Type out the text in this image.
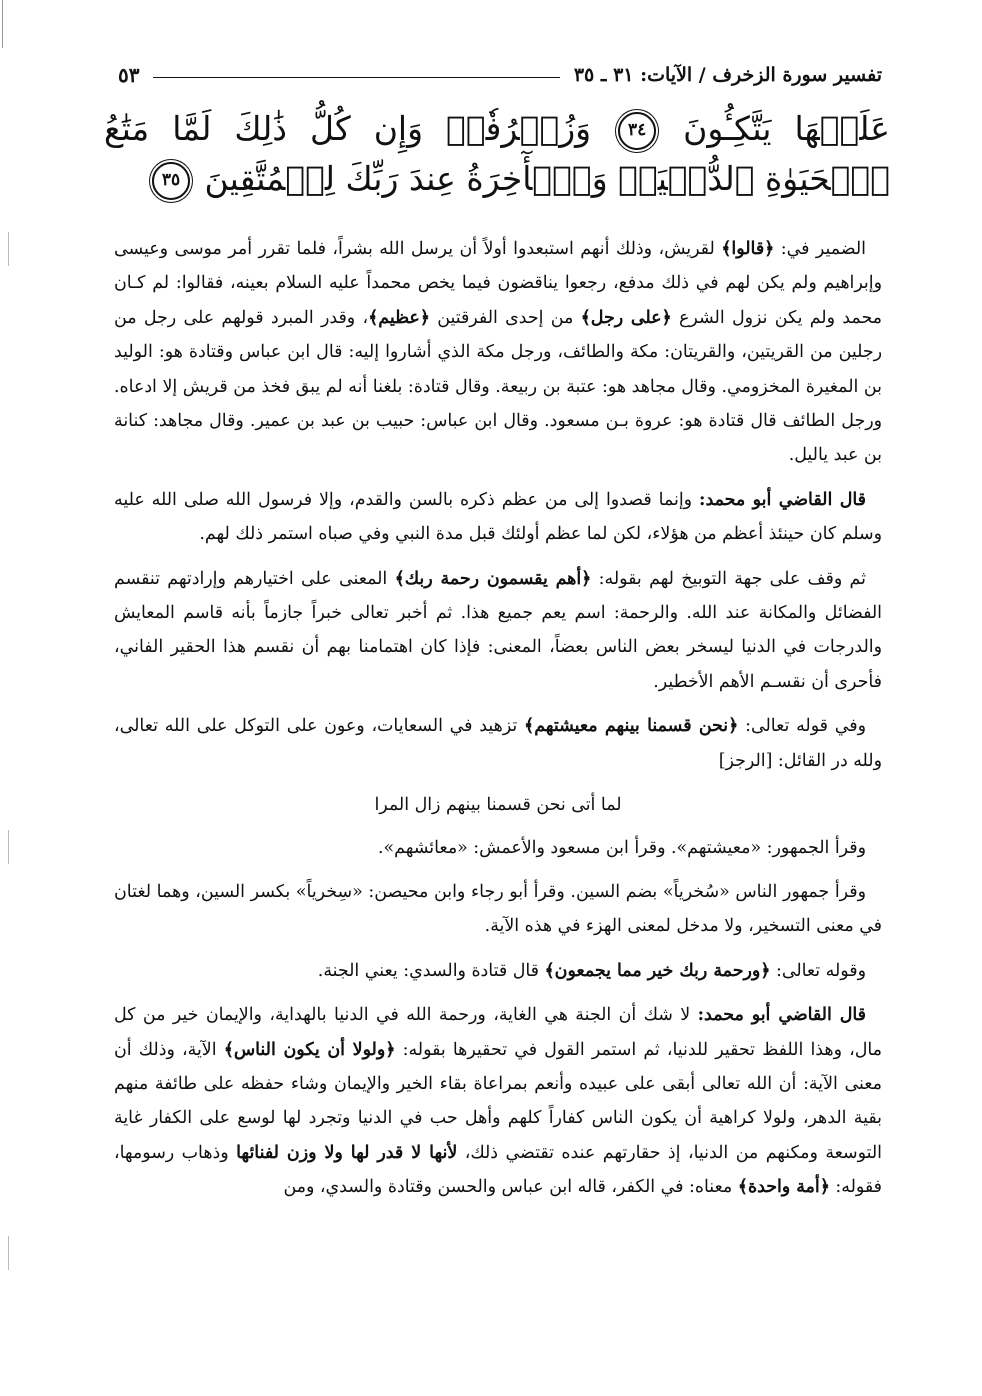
تفسير سورة الزخرف / الآيات: ٣١ ـ ٣٥
٥٣
عَلَيۡهَا يَتَّكِـُٔونَ ٣٤ وَزُخۡرُفٗاۚ وَإِن كُلُّ ذَٰلِكَ لَمَّا مَتَٰعُ ٱلۡحَيَوٰةِ ٱلدُّنۡيَاۚ وَٱلۡأٓخِرَةُ عِندَ رَبِّكَ لِلۡمُتَّقِينَ ٣٥

الضمير في: ﴿قالوا﴾ لقريش، وذلك أنهم استبعدوا أولاً أن يرسل الله بشراً، فلما تقرر أمر موسى وعيسى وإبراهيم ولم يكن لهم في ذلك مدفع، رجعوا يناقضون فيما يخص محمداً عليه السلام بعينه، فقالوا: لم كـان محمد ولم يكن نزول الشرع ﴿على رجل﴾ من إحدى الفرقتين ﴿عظيم﴾، وقدر المبرد قولهم على رجل من رجلين من القريتين، والقريتان: مكة والطائف، ورجل مكة الذي أشاروا إليه: قال ابن عباس وقتادة هو: الوليد بن المغيرة المخزومي. وقال مجاهد هو: عتبة بن ربيعة. وقال قتادة: بلغنا أنه لم يبق فخذ من قريش إلا ادعاه. ورجل الطائف قال قتادة هو: عروة بـن مسعود. وقال ابن عباس: حبيب بن عبد بن عمير. وقال مجاهد: كنانة بن عبد ياليل.

قال القاضي أبو محمد: وإنما قصدوا إلى من عظم ذكره بالسن والقدم، وإلا فرسول الله صلى الله عليه وسلم كان حينئذ أعظم من هؤلاء، لكن لما عظم أولئك قبل مدة النبي وفي صباه استمر ذلك لهم.

ثم وقف على جهة التوبيخ لهم بقوله: ﴿أهم يقسمون رحمة ربك﴾ المعنى على اختيارهم وإرادتهم تنقسم الفضائل والمكانة عند الله. والرحمة: اسم يعم جميع هذا. ثم أخبر تعالى خبراً جازماً بأنه قاسم المعايش والدرجات في الدنيا ليسخر بعض الناس بعضاً، المعنى: فإذا كان اهتمامنا بهم أن نقسم هذا الحقير الفاني، فأحرى أن نقسـم الأهم الأخطير.

وفي قوله تعالى: ﴿نحن قسمنا بينهم معيشتهم﴾ تزهيد في السعايات، وعون على التوكل على الله تعالى، ولله در القائل: [الرجز]

لما أتى نحن قسمنا بينهم زال المرا

وقرأ الجمهور: «معيشتهم». وقرأ ابن مسعود والأعمش: «معائشهم».

وقرأ جمهور الناس «سُخرياً» بضم السين. وقرأ أبو رجاء وابن محيصن: «سِخرياً» بكسر السين، وهما لغتان في معنى التسخير، ولا مدخل لمعنى الهزء في هذه الآية.

وقوله تعالى: ﴿ورحمة ربك خير مما يجمعون﴾ قال قتادة والسدي: يعني الجنة.

قال القاضي أبو محمد: لا شك أن الجنة هي الغاية، ورحمة الله في الدنيا بالهداية، والإيمان خير من كل مال، وهذا اللفظ تحقير للدنيا، ثم استمر القول في تحقيرها بقوله: ﴿ولولا أن يكون الناس﴾ الآية، وذلك أن معنى الآية: أن الله تعالى أبقى على عبيده وأنعم بمراعاة بقاء الخير والإيمان وشاء حفظه على طائفة منهم بقية الدهر، ولولا كراهية أن يكون الناس كفاراً كلهم وأهل حب في الدنيا وتجرد لها لوسع على الكفار غاية التوسعة ومكنهم من الدنيا، إذ حقارتهم عنده تقتضي ذلك، لأنها لا قدر لها ولا وزن لفنائها وذهاب رسومها، فقوله: ﴿أمة واحدة﴾ معناه: في الكفر، قاله ابن عباس والحسن وقتادة والسدي، ومن
